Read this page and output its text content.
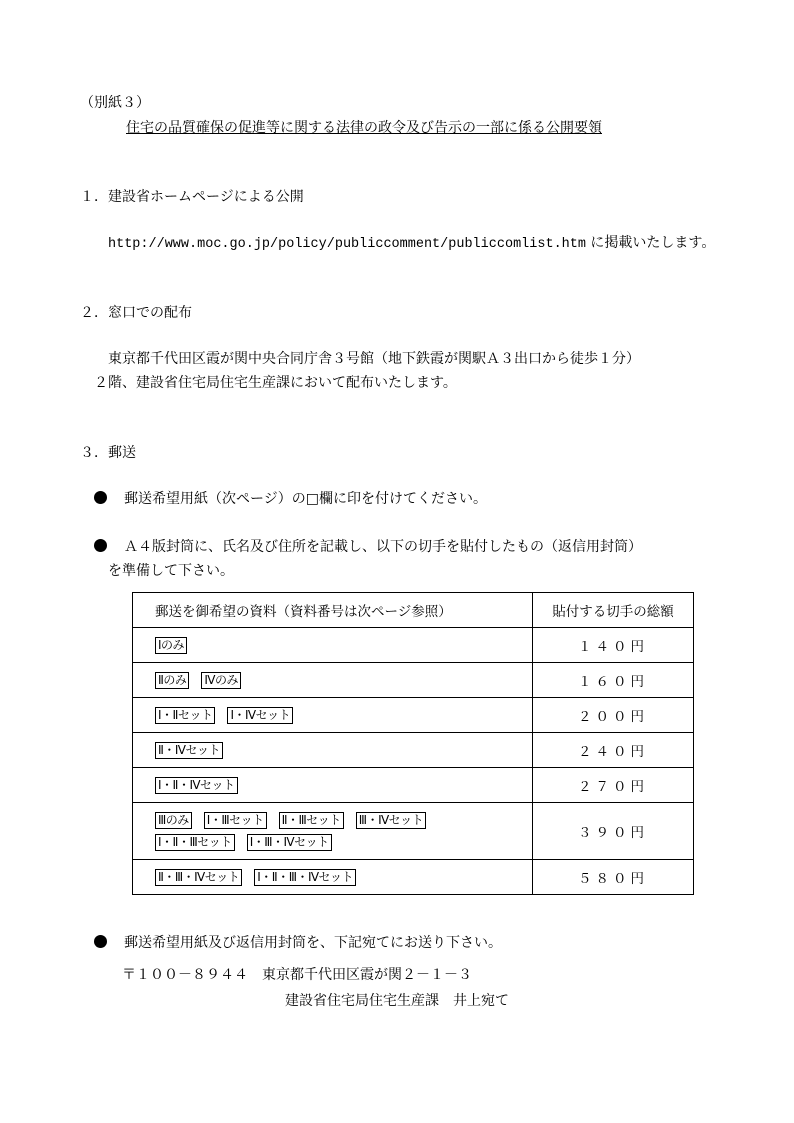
（別紙３）
住宅の品質確保の促進等に関する法律の政令及び告示の一部に係る公開要領
１．建設省ホームページによる公開
http://www.moc.go.jp/policy/publiccomment/publiccomlist.htm に掲載いたします。
２．窓口での配布
東京都千代田区霞が関中央合同庁舎３号館（地下鉄霞が関駅Ａ３出口から徒歩１分）
２階、建設省住宅局住宅生産課において配布いたします。
３．郵送
郵送希望用紙（次ページ）の□欄に印を付けてください。
Ａ４版封筒に、氏名及び住所を記載し、以下の切手を貼付したもの（返信用封筒）
を準備して下さい。
郵送を御希望の資料（資料番号は次ページ参照）	貼付する切手の総額

Ⅰのみ	１４０円

Ⅱのみ Ⅳのみ	１６０円

Ⅰ・Ⅱセット Ⅰ・Ⅳセット	２００円

Ⅱ・Ⅳセット	２４０円

Ⅰ・Ⅱ・Ⅳセット	２７０円

Ⅲのみ Ⅰ・Ⅲセット Ⅱ・Ⅲセット Ⅲ・Ⅳセット
Ⅰ・Ⅱ・Ⅲセット Ⅰ・Ⅲ・Ⅳセット	３９０円

Ⅱ・Ⅲ・Ⅳセット Ⅰ・Ⅱ・Ⅲ・Ⅳセット	５８０円
郵送希望用紙及び返信用封筒を、下記宛てにお送り下さい。
〒１００－８９４４　東京都千代田区霞が関２－１－３
建設省住宅局住宅生産課　井上宛て
